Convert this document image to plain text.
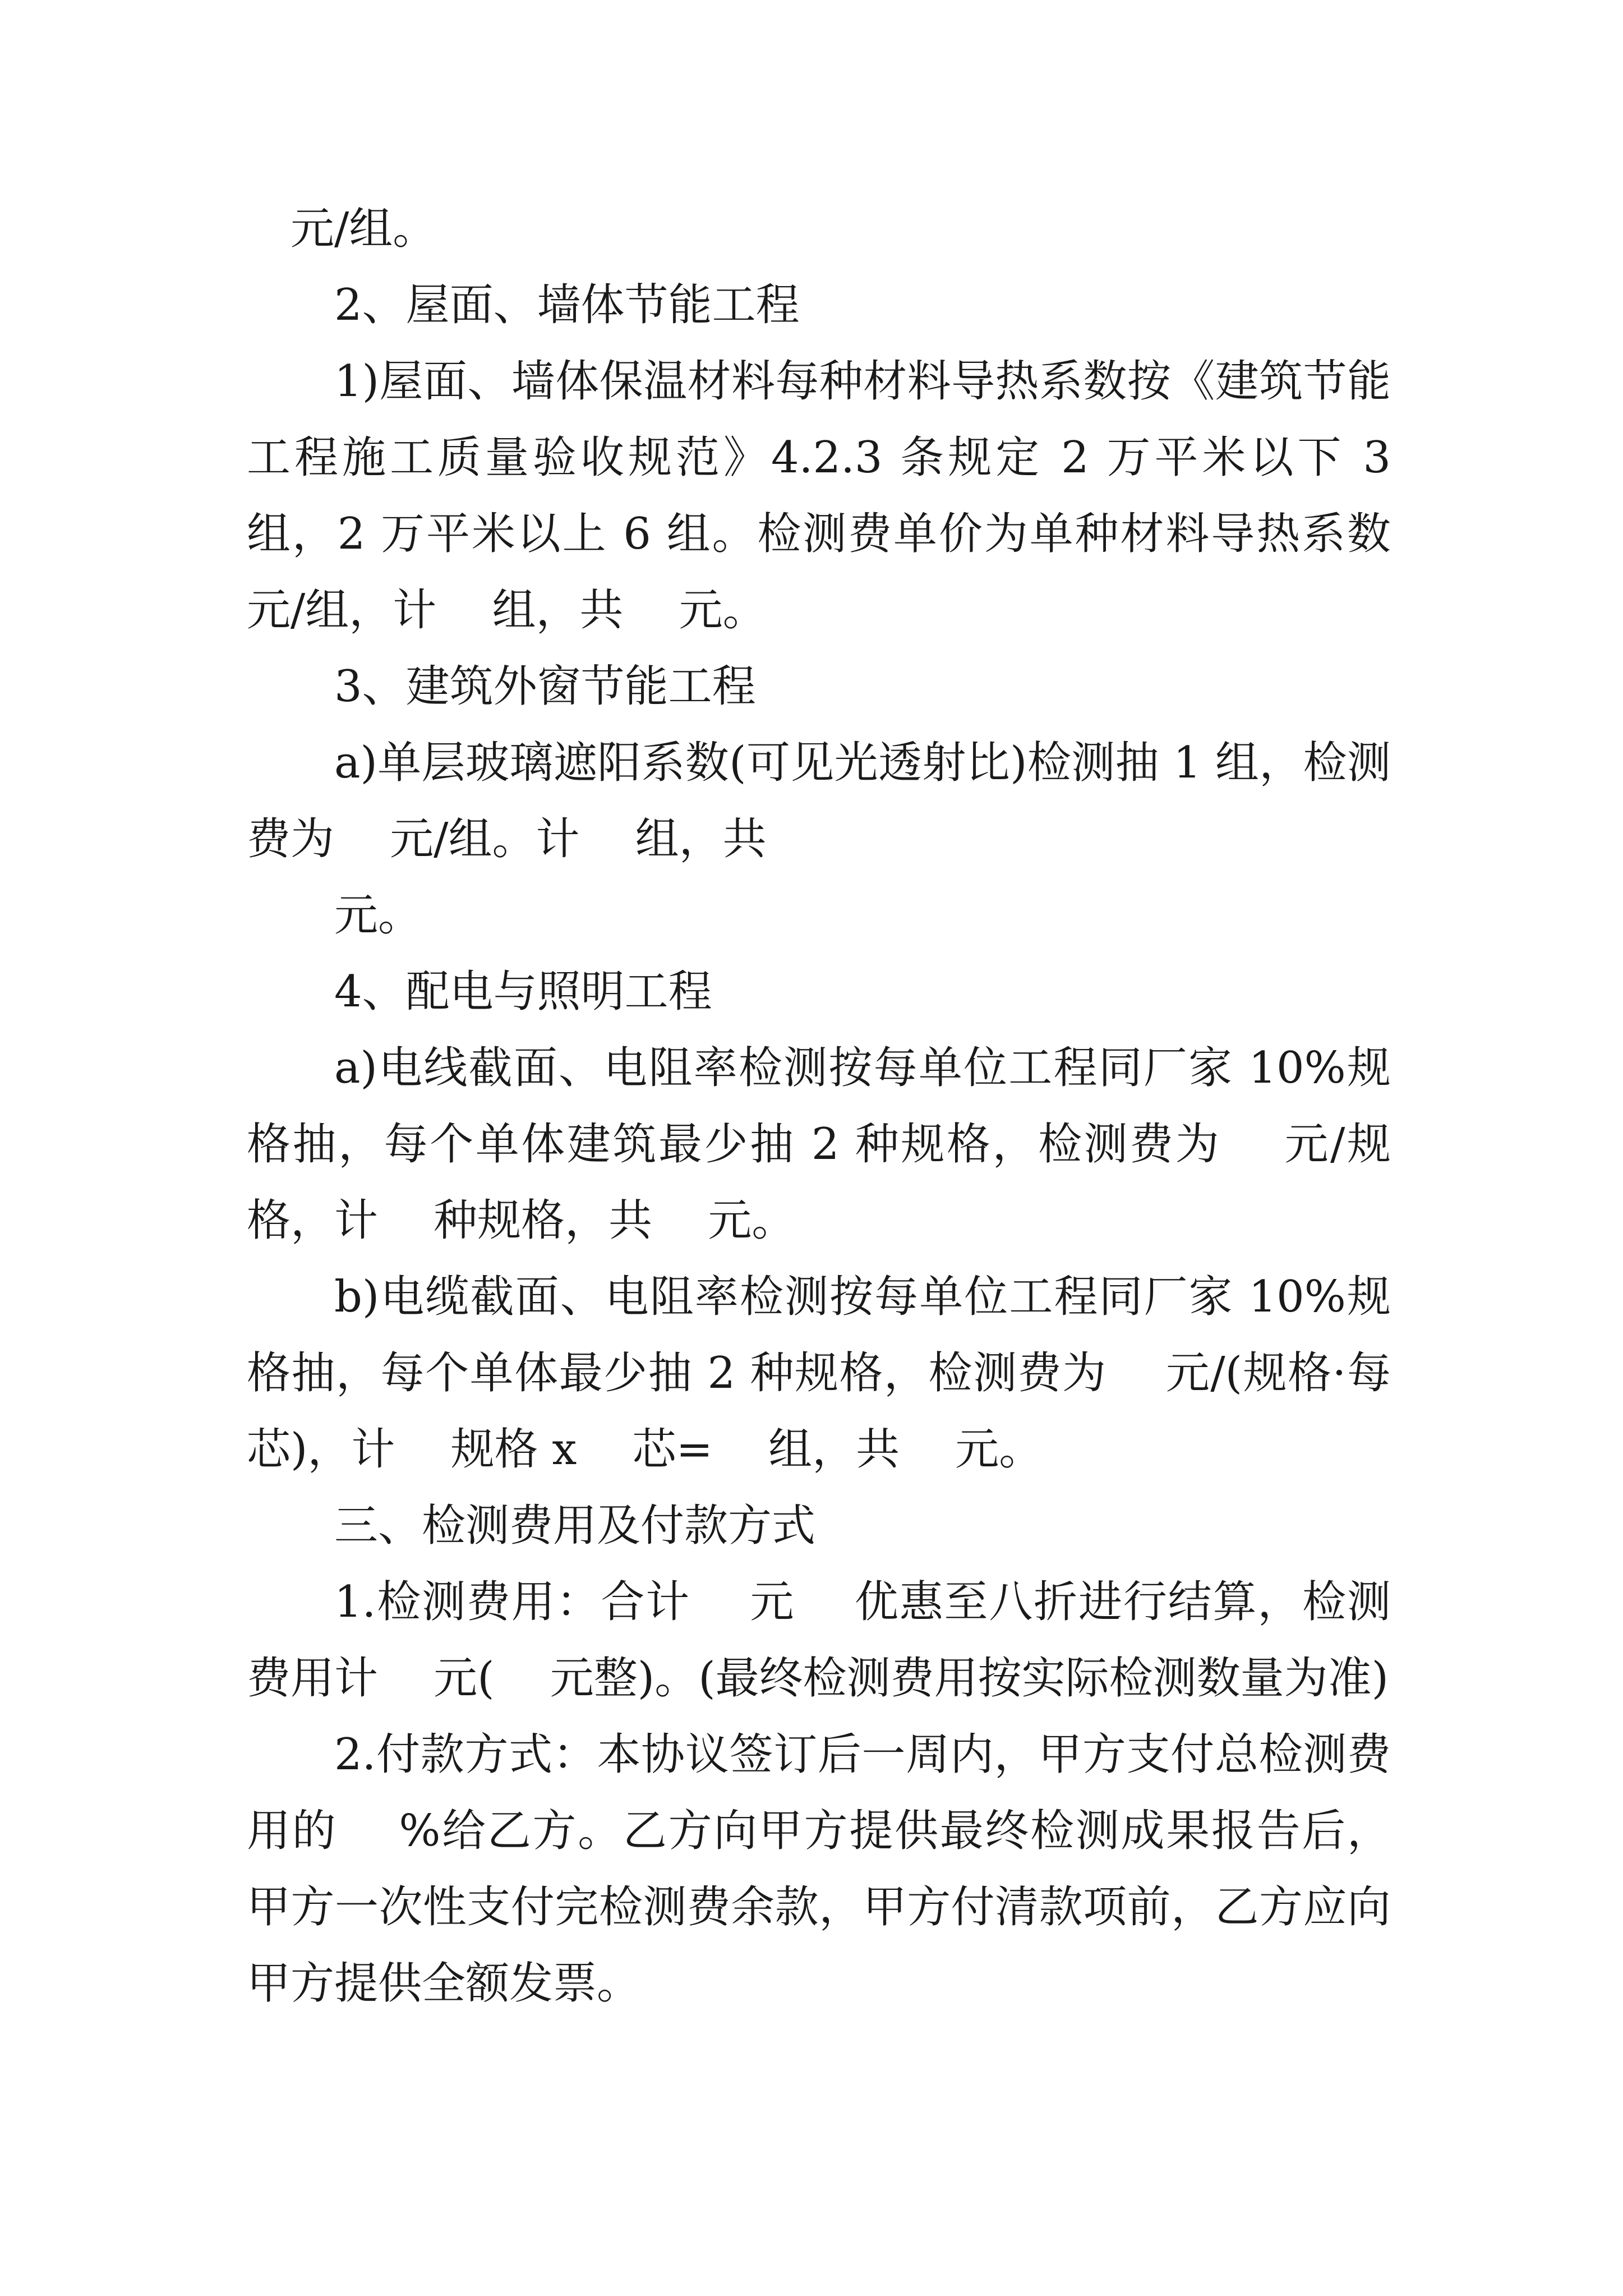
元/组。

2、屋面、墙体节能工程

1)屋面、墙体保温材料每种材料导热系数按《建筑节能工程施工质量验收规范》4.2.3 条规定 2 万平米以下 3 组，2 万平米以上 6 组。检测费单价为单种材料导热系数    元/组，计    组，共    元。

3、建筑外窗节能工程

a)单层玻璃遮阳系数(可见光透射比)检测抽 1 组，检测费为    元/组。计    组，共

元。

4、配电与照明工程

a)电线截面、电阻率检测按每单位工程同厂家 10%规格抽，每个单体建筑最少抽 2 种规格，检测费为    元/规格，计    种规格，共    元。

b)电缆截面、电阻率检测按每单位工程同厂家 10%规格抽，每个单体最少抽 2 种规格，检测费为    元/(规格·每芯)，计    规格 x    芯=    组，共    元。

三、检测费用及付款方式

1.检测费用：合计    元    优惠至八折进行结算，检测费用计    元(    元整)。(最终检测费用按实际检测数量为准)

2.付款方式：本协议签订后一周内，甲方支付总检测费用的    %给乙方。乙方向甲方提供最终检测成果报告后，甲方一次性支付完检测费余款，甲方付清款项前，乙方应向甲方提供全额发票。
